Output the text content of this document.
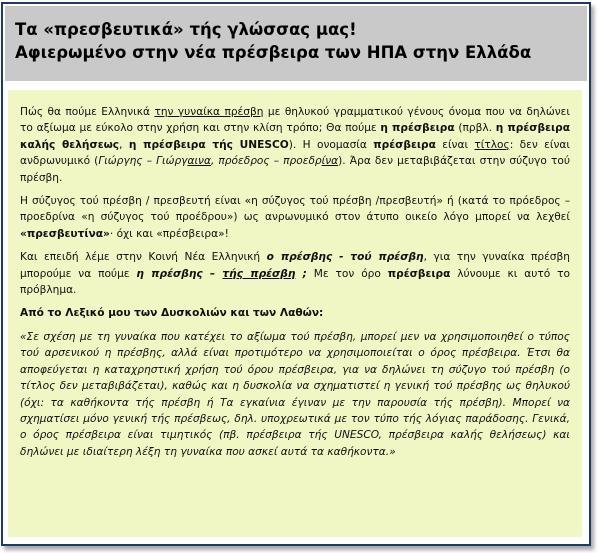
Τα «πρεσβευτικά» τής γλώσσας μας!
Αφιερωμένο στην νέα πρέσβειρα των ΗΠΑ στην Ελλάδα

Πώς θα πούμε Ελληνικά την γυναίκα πρέσβη με θηλυκού γραμματικού γένους όνομα που να δηλώνει το αξίωμα με εύκολο στην χρήση και στην κλίση τρόπο; Θα πούμε η πρέσβειρα (πρβλ. η πρέσβειρα καλής θελήσεως, η πρέσβειρα τής UNESCO). Η ονομασία πρέσβειρα είναι τίτλος: δεν είναι ανδρωνυμικό (Γιώργης – Γιώργαινα, πρόεδρος – προεδρίνα). Άρα δεν μεταβιβάζεται στην σύζυγο τού πρέσβη.

Η σύζυγος τού πρέσβη / πρεσβευτή είναι «η σύζυγος τού πρέσβη /πρεσβευτή» ή (κατά το πρόεδρος – προεδρίνα «η σύζυγος τού προέδρου») ως ανρωνυμικό στον άτυπο οικείο λόγο μπορεί να λεχθεί «πρεσβευτίνα»· όχι και «πρέσβειρα»!

Και επειδή λέμε στην Κοινή Νέα Ελληνική ο πρέσβης - τού πρέσβη, για την γυναίκα πρέσβη μπορούμε να πούμε η πρέσβης – τής πρέσβη ; Με τον όρο πρέσβειρα λύνουμε κι αυτό το πρόβλημα.

Από το Λεξικό μου των Δυσκολιών και των Λαθών:

«Σε σχέση με τη γυναίκα που κατέχει το αξίωμα τού πρέσβη, μπορεί μεν να χρησιμοποιηθεί ο τύπος τού αρσενικού η πρέσβης, αλλά είναι προτιμότερο να χρησιμοποιείται ο όρος πρέσβειρα. Έτσι θα αποφεύγεται η καταχρηστική χρήση τού όρου πρέσβειρα, για να δηλώνει τη σύζυγο τού πρέσβη (ο τίτλος δεν μεταβιβάζεται), καθώς και η δυσκολία να σχηματιστεί η γενική τού πρέσβης ως θηλυκού (όχι: τα καθήκοντα τής πρέσβη ή Τα εγκαίνια έγιναν με την παρουσία τής πρέσβη). Μπορεί να σχηματίσει μόνο γενική τής πρέσβεως, δηλ. υποχρεωτικά με τον τύπο τής λόγιας παράδοσης. Γενικά, ο όρος πρέσβειρα είναι τιμητικός (πβ. πρέσβειρα τής UNESCO, πρέσβειρα καλής θελήσεως) και δηλώνει με ιδιαίτερη λέξη τη γυναίκα που ασκεί αυτά τα καθήκοντα.»
